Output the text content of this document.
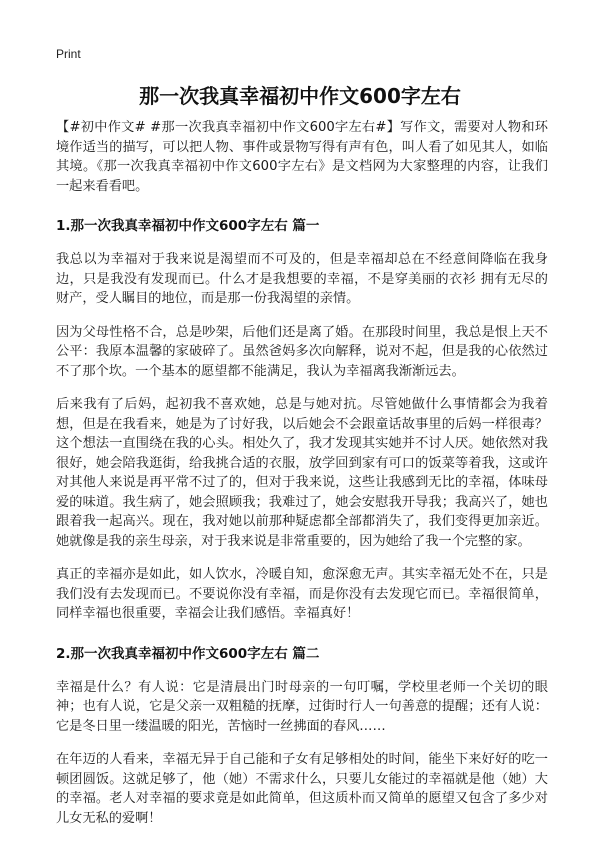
Print
那一次我真幸福初中作文600字左右

【#初中作文# #那一次我真幸福初中作文600字左右#】写作文，需要对人物和环境作适当的描写，可以把人物、事件或景物写得有声有色，叫人看了如见其人，如临其境。《那一次我真幸福初中作文600字左右》是文档网为大家整理的内容，让我们一起来看看吧。

1.那一次我真幸福初中作文600字左右 篇一

我总以为幸福对于我来说是渴望而不可及的，但是幸福却总在不经意间降临在我身边，只是我没有发现而已。什么才是我想要的幸福，不是穿美丽的衣衫 拥有无尽的财产，受人瞩目的地位，而是那一份我渴望的亲情。

因为父母性格不合，总是吵架，后他们还是离了婚。在那段时间里，我总是恨上天不公平：我原本温馨的家破碎了。虽然爸妈多次向解释，说对不起，但是我的心依然过不了那个坎。一个基本的愿望都不能满足，我认为幸福离我渐渐远去。

后来我有了后妈，起初我不喜欢她，总是与她对抗。尽管她做什么事情都会为我着想，但是在我看来，她是为了讨好我，以后她会不会跟童话故事里的后妈一样很毒？这个想法一直围绕在我的心头。相处久了，我才发现其实她并不讨人厌。她依然对我很好，她会陪我逛街，给我挑合适的衣服，放学回到家有可口的饭菜等着我，这或许对其他人来说是再平常不过了的，但对于我来说，这些让我感到无比的幸福，体味母爱的味道。我生病了，她会照顾我；我难过了，她会安慰我开导我；我高兴了，她也跟着我一起高兴。现在，我对她以前那种疑虑都全部都消失了，我们变得更加亲近。她就像是我的亲生母亲，对于我来说是非常重要的，因为她给了我一个完整的家。

真正的幸福亦是如此，如人饮水，冷暖自知，愈深愈无声。其实幸福无处不在，只是我们没有去发现而已。不要说你没有幸福，而是你没有去发现它而已。幸福很简单，同样幸福也很重要，幸福会让我们感悟。幸福真好！

2.那一次我真幸福初中作文600字左右 篇二

幸福是什么？有人说：它是清晨出门时母亲的一句叮嘱，学校里老师一个关切的眼神；也有人说，它是父亲一双粗糙的抚摩，过街时行人一句善意的提醒；还有人说：它是冬日里一缕温暖的阳光，苦恼时一丝拂面的春风……

在年迈的人看来，幸福无异于自己能和子女有足够相处的时间，能坐下来好好的吃一顿团圆饭。这就足够了，他（她）不需求什么，只要儿女能过的幸福就是他（她）大的幸福。老人对幸福的要求竟是如此简单，但这质朴而又简单的愿望又包含了多少对儿女无私的爱啊！
